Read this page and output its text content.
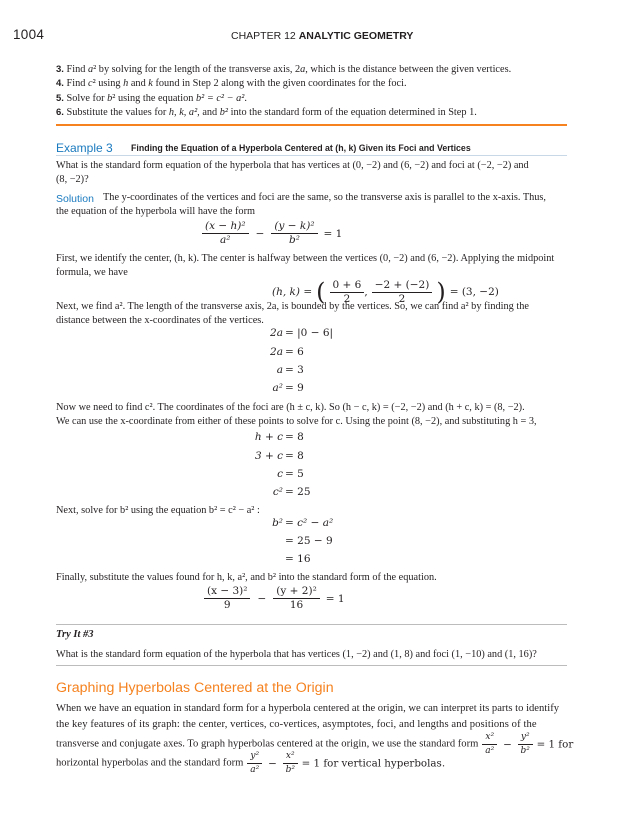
1004	CHAPTER 12 ANALYTIC GEOMETRY
3. Find a² by solving for the length of the transverse axis, 2a, which is the distance between the given vertices.
4. Find c² using h and k found in Step 2 along with the given coordinates for the foci.
5. Solve for b² using the equation b² = c² − a².
6. Substitute the values for h, k, a², and b² into the standard form of the equation determined in Step 1.
Example 3 Finding the Equation of a Hyperbola Centered at (h, k) Given its Foci and Vertices
What is the standard form equation of the hyperbola that has vertices at (0, −2) and (6, −2) and foci at (−2, −2) and
(8, −2)?
Solution The y-coordinates of the vertices and foci are the same, so the transverse axis is parallel to the x-axis. Thus,
the equation of the hyperbola will have the form
$\frac{\text{(x − h)²}}{\text{a²}} - \frac{\text{(y − k)²}}{\text{b²}} = 1$
First, we identify the center, (h, k). The center is halfway between the vertices (0, −2) and (6, −2). Applying the midpoint
formula, we have
(h, k) = ( $\frac{0 + 6}{2}$ , $\frac{-2 + (-2)}{2}$ ) = (3, −2)
Next, we find a². The length of the transverse axis, 2a, is bounded by the vertices. So, we can find a² by finding the
distance between the x-coordinates of the vertices.
2a = |0 − 6|
2a = 6
a = 3
a² = 9
Now we need to find c². The coordinates of the foci are (h ± c, k). So (h − c, k) = (−2, −2) and (h + c, k) = (8, −2).
We can use the x-coordinate from either of these points to solve for c. Using the point (8, −2), and substituting h = 3,
h + c = 8
3 + c = 8
c = 5
c² = 25
Next, solve for b² using the equation b² = c² − a² :
b² = c² − a²
= 25 − 9
= 16
Finally, substitute the values found for h, k, a², and b² into the standard form of the equation.
$\frac{\text{(x − 3)²}}{9} - \frac{\text{(y + 2)²}}{16} = 1$
Try It #3
What is the standard form equation of the hyperbola that has vertices (1, −2) and (1, 8) and foci (1, −10) and (1, 16)?
Graphing Hyperbolas Centered at the Origin
When we have an equation in standard form for a hyperbola centered at the origin, we can interpret its parts to identify
the key features of its graph: the center, vertices, co-vertices, asymptotes, foci, and lengths and positions of the
transverse and conjugate axes. To graph hyperbolas centered at the origin, we use the standard form $\frac{\text{x²}}{\text{a²}} - \frac{\text{y²}}{\text{b²}} = 1$ for
horizontal hyperbolas and the standard form $\frac{\text{y²}}{\text{a²}} - \frac{\text{x²}}{\text{b²}} = 1$ for vertical hyperbolas.
